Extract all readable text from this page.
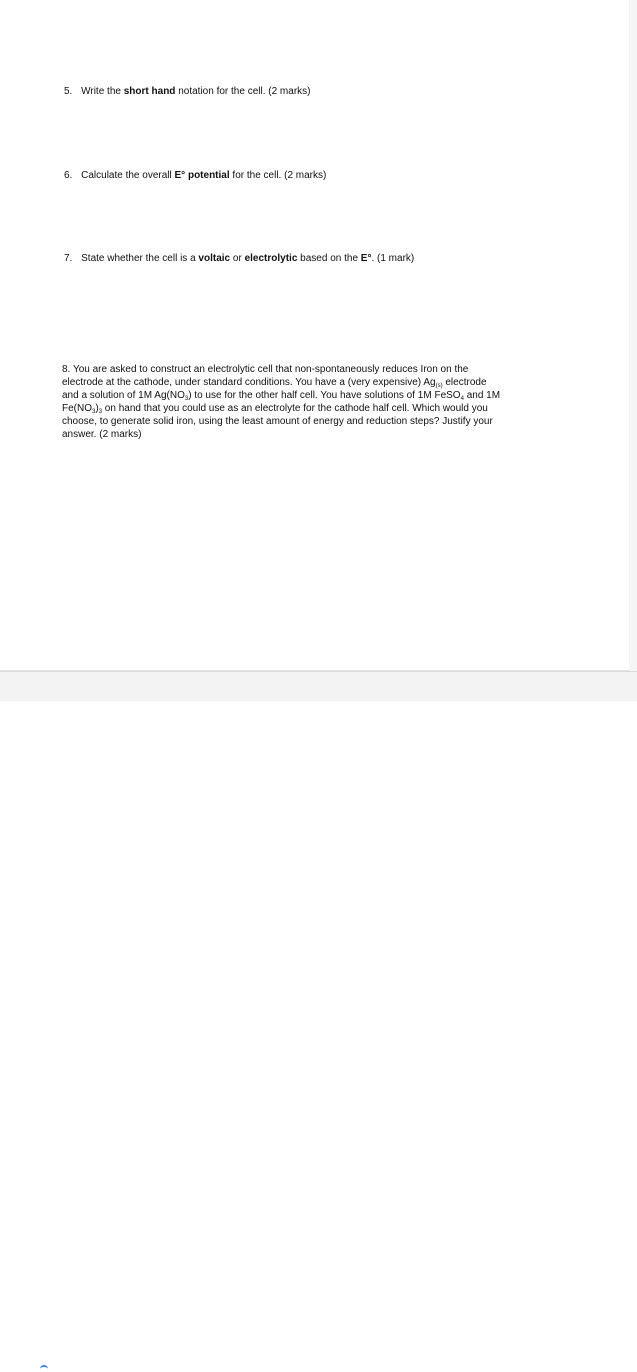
5. Write the short hand notation for the cell. (2 marks)
6. Calculate the overall E° potential for the cell. (2 marks)
7. State whether the cell is a voltaic or electrolytic based on the E°. (1 mark)
8. You are asked to construct an electrolytic cell that non-spontaneously reduces Iron on the
electrode at the cathode, under standard conditions. You have a (very expensive) $Ag_{(s)}$ electrode
and a solution of 1M $Ag(NO_3)$ to use for the other half cell. You have solutions of 1M FeSO$_4$ and 1M
$Fe(NO_3)_3$ on hand that you could use as an electrolyte for the cathode half cell. Which would you
choose, to generate solid iron, using the least amount of energy and reduction steps? Justify your
answer. (2 marks)
